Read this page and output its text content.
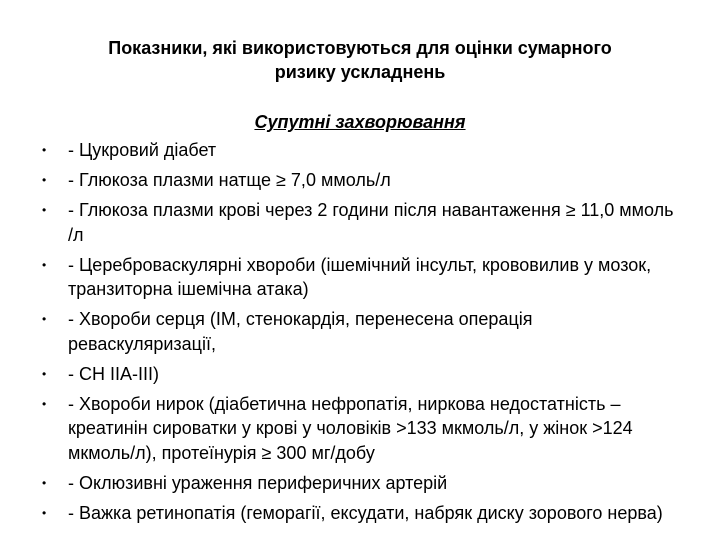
Показники, які використовуються для оцінки сумарного
ризику ускладнень

Супутні захворювання

• - Цукровий діабет
• - Глюкоза плазми натще ≥ 7,0 ммоль/л
• - Глюкоза плазми крові через 2 години після навантаження ≥ 11,0 ммоль /л
• - Цереброваскулярні хвороби (ішемічний інсульт, крововилив у мозок, транзиторна ішемічна атака)
• - Хвороби серця (ІМ, стенокардія, перенесена операція реваскуляризації,
• - СН IIА-ІІІ)
• - Хвороби нирок (діабетична нефропатія, ниркова недостатність – креатинін сироватки у крові у чоловіків >133 мкмоль/л, у жінок >124 мкмоль/л), протеїнурія ≥ 300 мг/добу
• - Оклюзивні ураження периферичних артерій
• - Важка ретинопатія (геморагії, ексудати, набряк диску зорового нерва)
